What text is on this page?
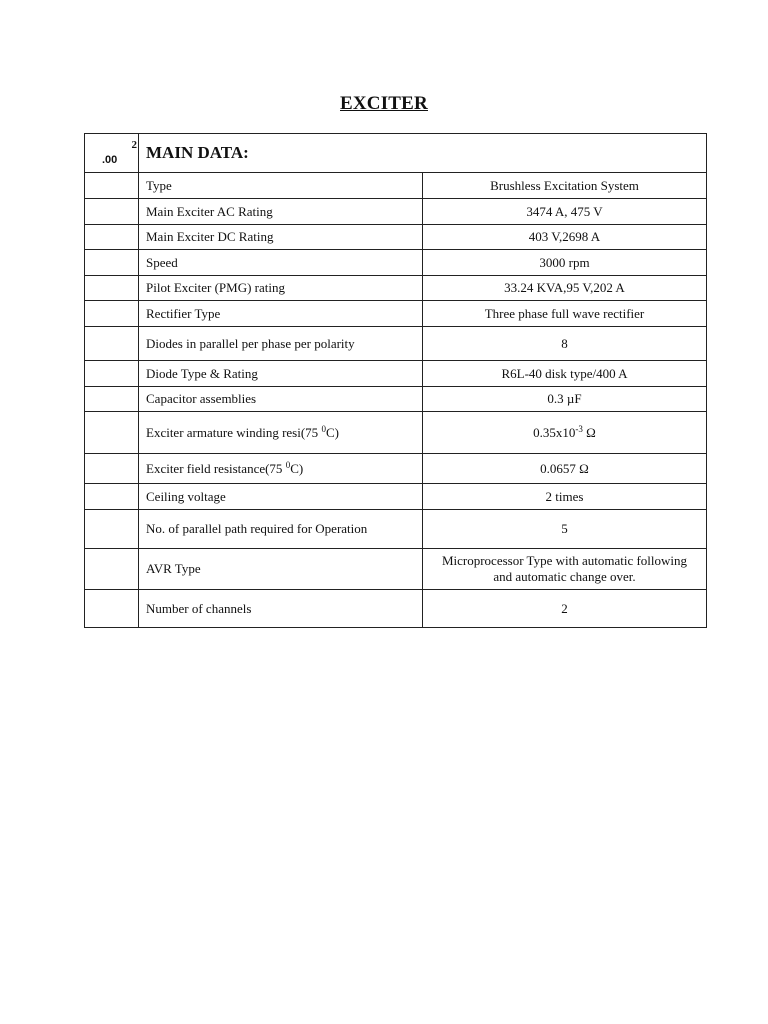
EXCITER
2
.00	MAIN DATA:	
	Type	Brushless Excitation System
	Main Exciter AC Rating	3474 A, 475 V
	Main Exciter DC Rating	403 V,2698 A
	Speed	3000 rpm
	Pilot Exciter (PMG) rating	33.24 KVA,95 V,202 A
	Rectifier Type	Three phase full wave rectifier
	Diodes in parallel per phase per polarity	8
	Diode Type & Rating	R6L-40 disk type/400 A
	Capacitor assemblies	0.3 µF
	Exciter armature winding resi(75 $^0$C)	$0.35x10^{-3}$ Ω
	Exciter field resistance(75 $^0$C)	0.0657 Ω
	Ceiling voltage	2 times
	No. of parallel path required for Operation	5
	AVR Type	Microprocessor Type with automatic following
and automatic change over.
	Number of channels	2
